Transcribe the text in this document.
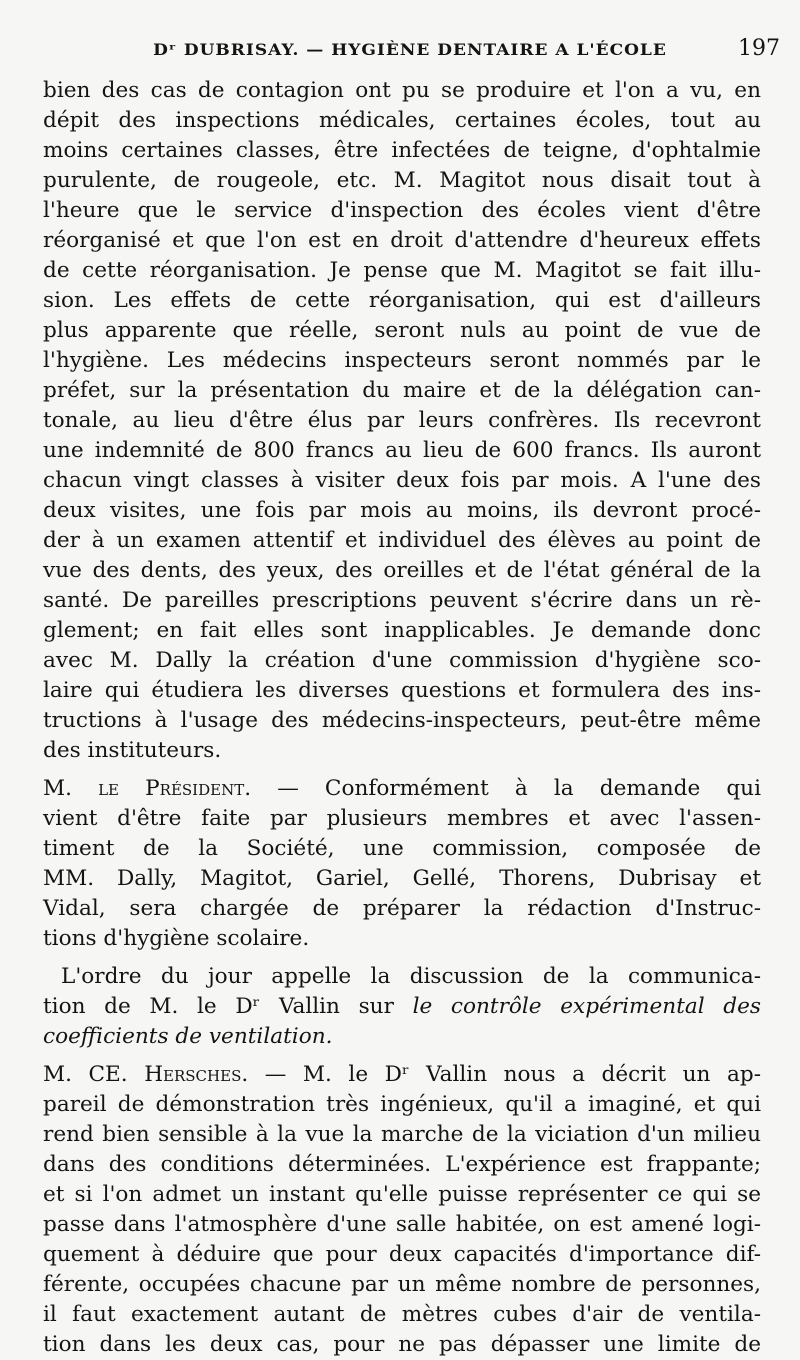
Dʳ DUBRISAY. — HYGIÈNE DENTAIRE A L'ÉCOLE	197
bien des cas de contagion ont pu se produire et l'on a vu, en
dépit des inspections médicales, certaines écoles, tout au
moins certaines classes, être infectées de teigne, d'ophtalmie
purulente, de rougeole, etc. M. Magitot nous disait tout à
l'heure que le service d'inspection des écoles vient d'être
réorganisé et que l'on est en droit d'attendre d'heureux effets
de cette réorganisation. Je pense que M. Magitot se fait illu-
sion. Les effets de cette réorganisation, qui est d'ailleurs
plus apparente que réelle, seront nuls au point de vue de
l'hygiène. Les médecins inspecteurs seront nommés par le
préfet, sur la présentation du maire et de la délégation can-
tonale, au lieu d'être élus par leurs confrères. Ils recevront
une indemnité de 800 francs au lieu de 600 francs. Ils auront
chacun vingt classes à visiter deux fois par mois. A l'une des
deux visites, une fois par mois au moins, ils devront procé-
der à un examen attentif et individuel des élèves au point de
vue des dents, des yeux, des oreilles et de l'état général de la
santé. De pareilles prescriptions peuvent s'écrire dans un rè-
glement; en fait elles sont inapplicables. Je demande donc
avec M. Dally la création d'une commission d'hygiène sco-
laire qui étudiera les diverses questions et formulera des ins-
tructions à l'usage des médecins-inspecteurs, peut-être même
des instituteurs.
M. le Président. — Conformément à la demande qui
vient d'être faite par plusieurs membres et avec l'assen-
timent de la Société, une commission, composée de
MM. Dally, Magitot, Gariel, Gellé, Thorens, Dubrisay et
Vidal, sera chargée de préparer la rédaction d'Instruc-
tions d'hygiène scolaire.
L'ordre du jour appelle la discussion de la communica-
tion de M. le Dʳ Vallin sur le contrôle expérimental des
coefficients de ventilation.
M. CE. Hersches. — M. le Dʳ Vallin nous a décrit un ap-
pareil de démonstration très ingénieux, qu'il a imaginé, et qui
rend bien sensible à la vue la marche de la viciation d'un milieu
dans des conditions déterminées. L'expérience est frappante;
et si l'on admet un instant qu'elle puisse représenter ce qui se
passe dans l'atmosphère d'une salle habitée, on est amené logi-
quement à déduire que pour deux capacités d'importance dif-
férente, occupées chacune par un même nombre de personnes,
il faut exactement autant de mètres cubes d'air de ventila-
tion dans les deux cas, pour ne pas dépasser une limite de
